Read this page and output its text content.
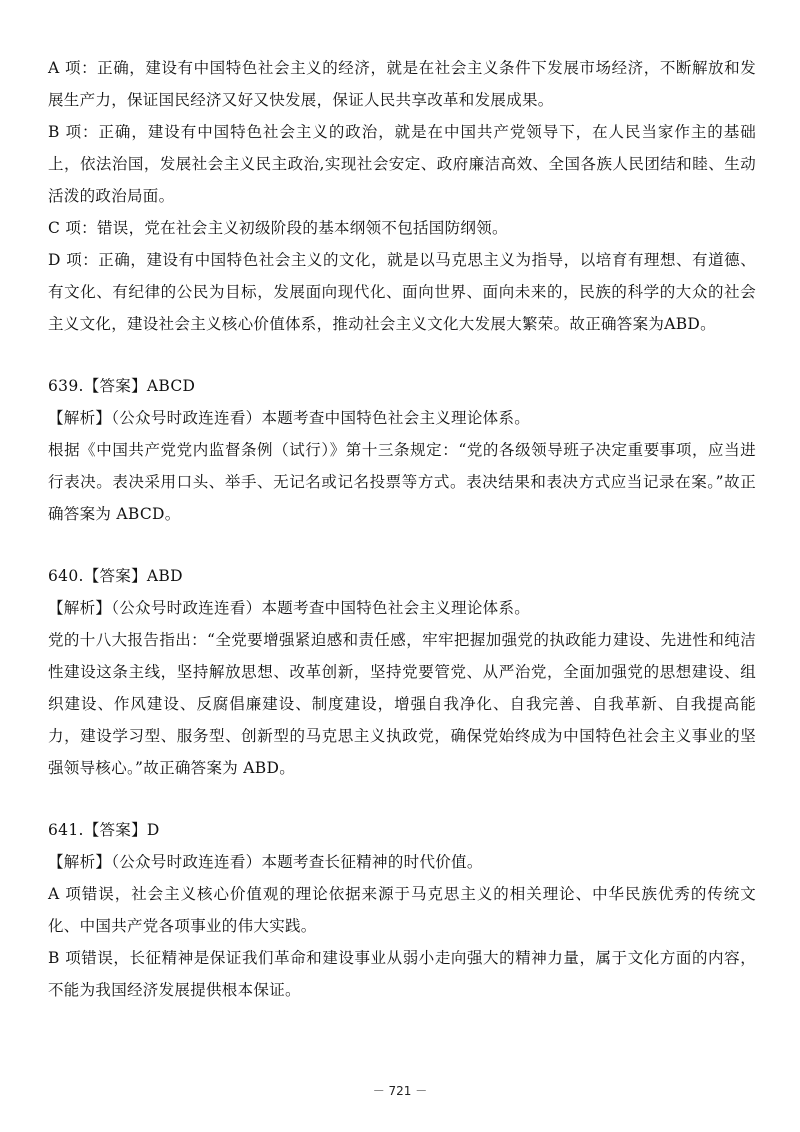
A 项：正确，建设有中国特色社会主义的经济，就是在社会主义条件下发展市场经济，不断解放和发展生产力，保证国民经济又好又快发展，保证人民共享改革和发展成果。

B 项：正确，建设有中国特色社会主义的政治，就是在中国共产党领导下，在人民当家作主的基础上，依法治国，发展社会主义民主政治,实现社会安定、政府廉洁高效、全国各族人民团结和睦、生动活泼的政治局面。

C 项：错误，党在社会主义初级阶段的基本纲领不包括国防纲领。

D 项：正确，建设有中国特色社会主义的文化，就是以马克思主义为指导，以培育有理想、有道德、有文化、有纪律的公民为目标，发展面向现代化、面向世界、面向未来的，民族的科学的大众的社会主义文化，建设社会主义核心价值体系，推动社会主义文化大发展大繁荣。故正确答案为ABD。

639.【答案】ABCD

【解析】（公众号时政连连看）本题考查中国特色社会主义理论体系。

根据《中国共产党党内监督条例（试行）》第十三条规定：“党的各级领导班子决定重要事项，应当进行表决。表决采用口头、举手、无记名或记名投票等方式。表决结果和表决方式应当记录在案。”故正确答案为 ABCD。

640.【答案】ABD

【解析】（公众号时政连连看）本题考查中国特色社会主义理论体系。

党的十八大报告指出：“全党要增强紧迫感和责任感，牢牢把握加强党的执政能力建设、先进性和纯洁性建设这条主线，坚持解放思想、改革创新，坚持党要管党、从严治党，全面加强党的思想建设、组织建设、作风建设、反腐倡廉建设、制度建设，增强自我净化、自我完善、自我革新、自我提高能力，建设学习型、服务型、创新型的马克思主义执政党，确保党始终成为中国特色社会主义事业的坚强领导核心。”故正确答案为 ABD。

641.【答案】D

【解析】（公众号时政连连看）本题考查长征精神的时代价值。

A 项错误，社会主义核心价值观的理论依据来源于马克思主义的相关理论、中华民族优秀的传统文化、中国共产党各项事业的伟大实践。

B 项错误，长征精神是保证我们革命和建设事业从弱小走向强大的精神力量，属于文化方面的内容，不能为我国经济发展提供根本保证。

－ 721 －
